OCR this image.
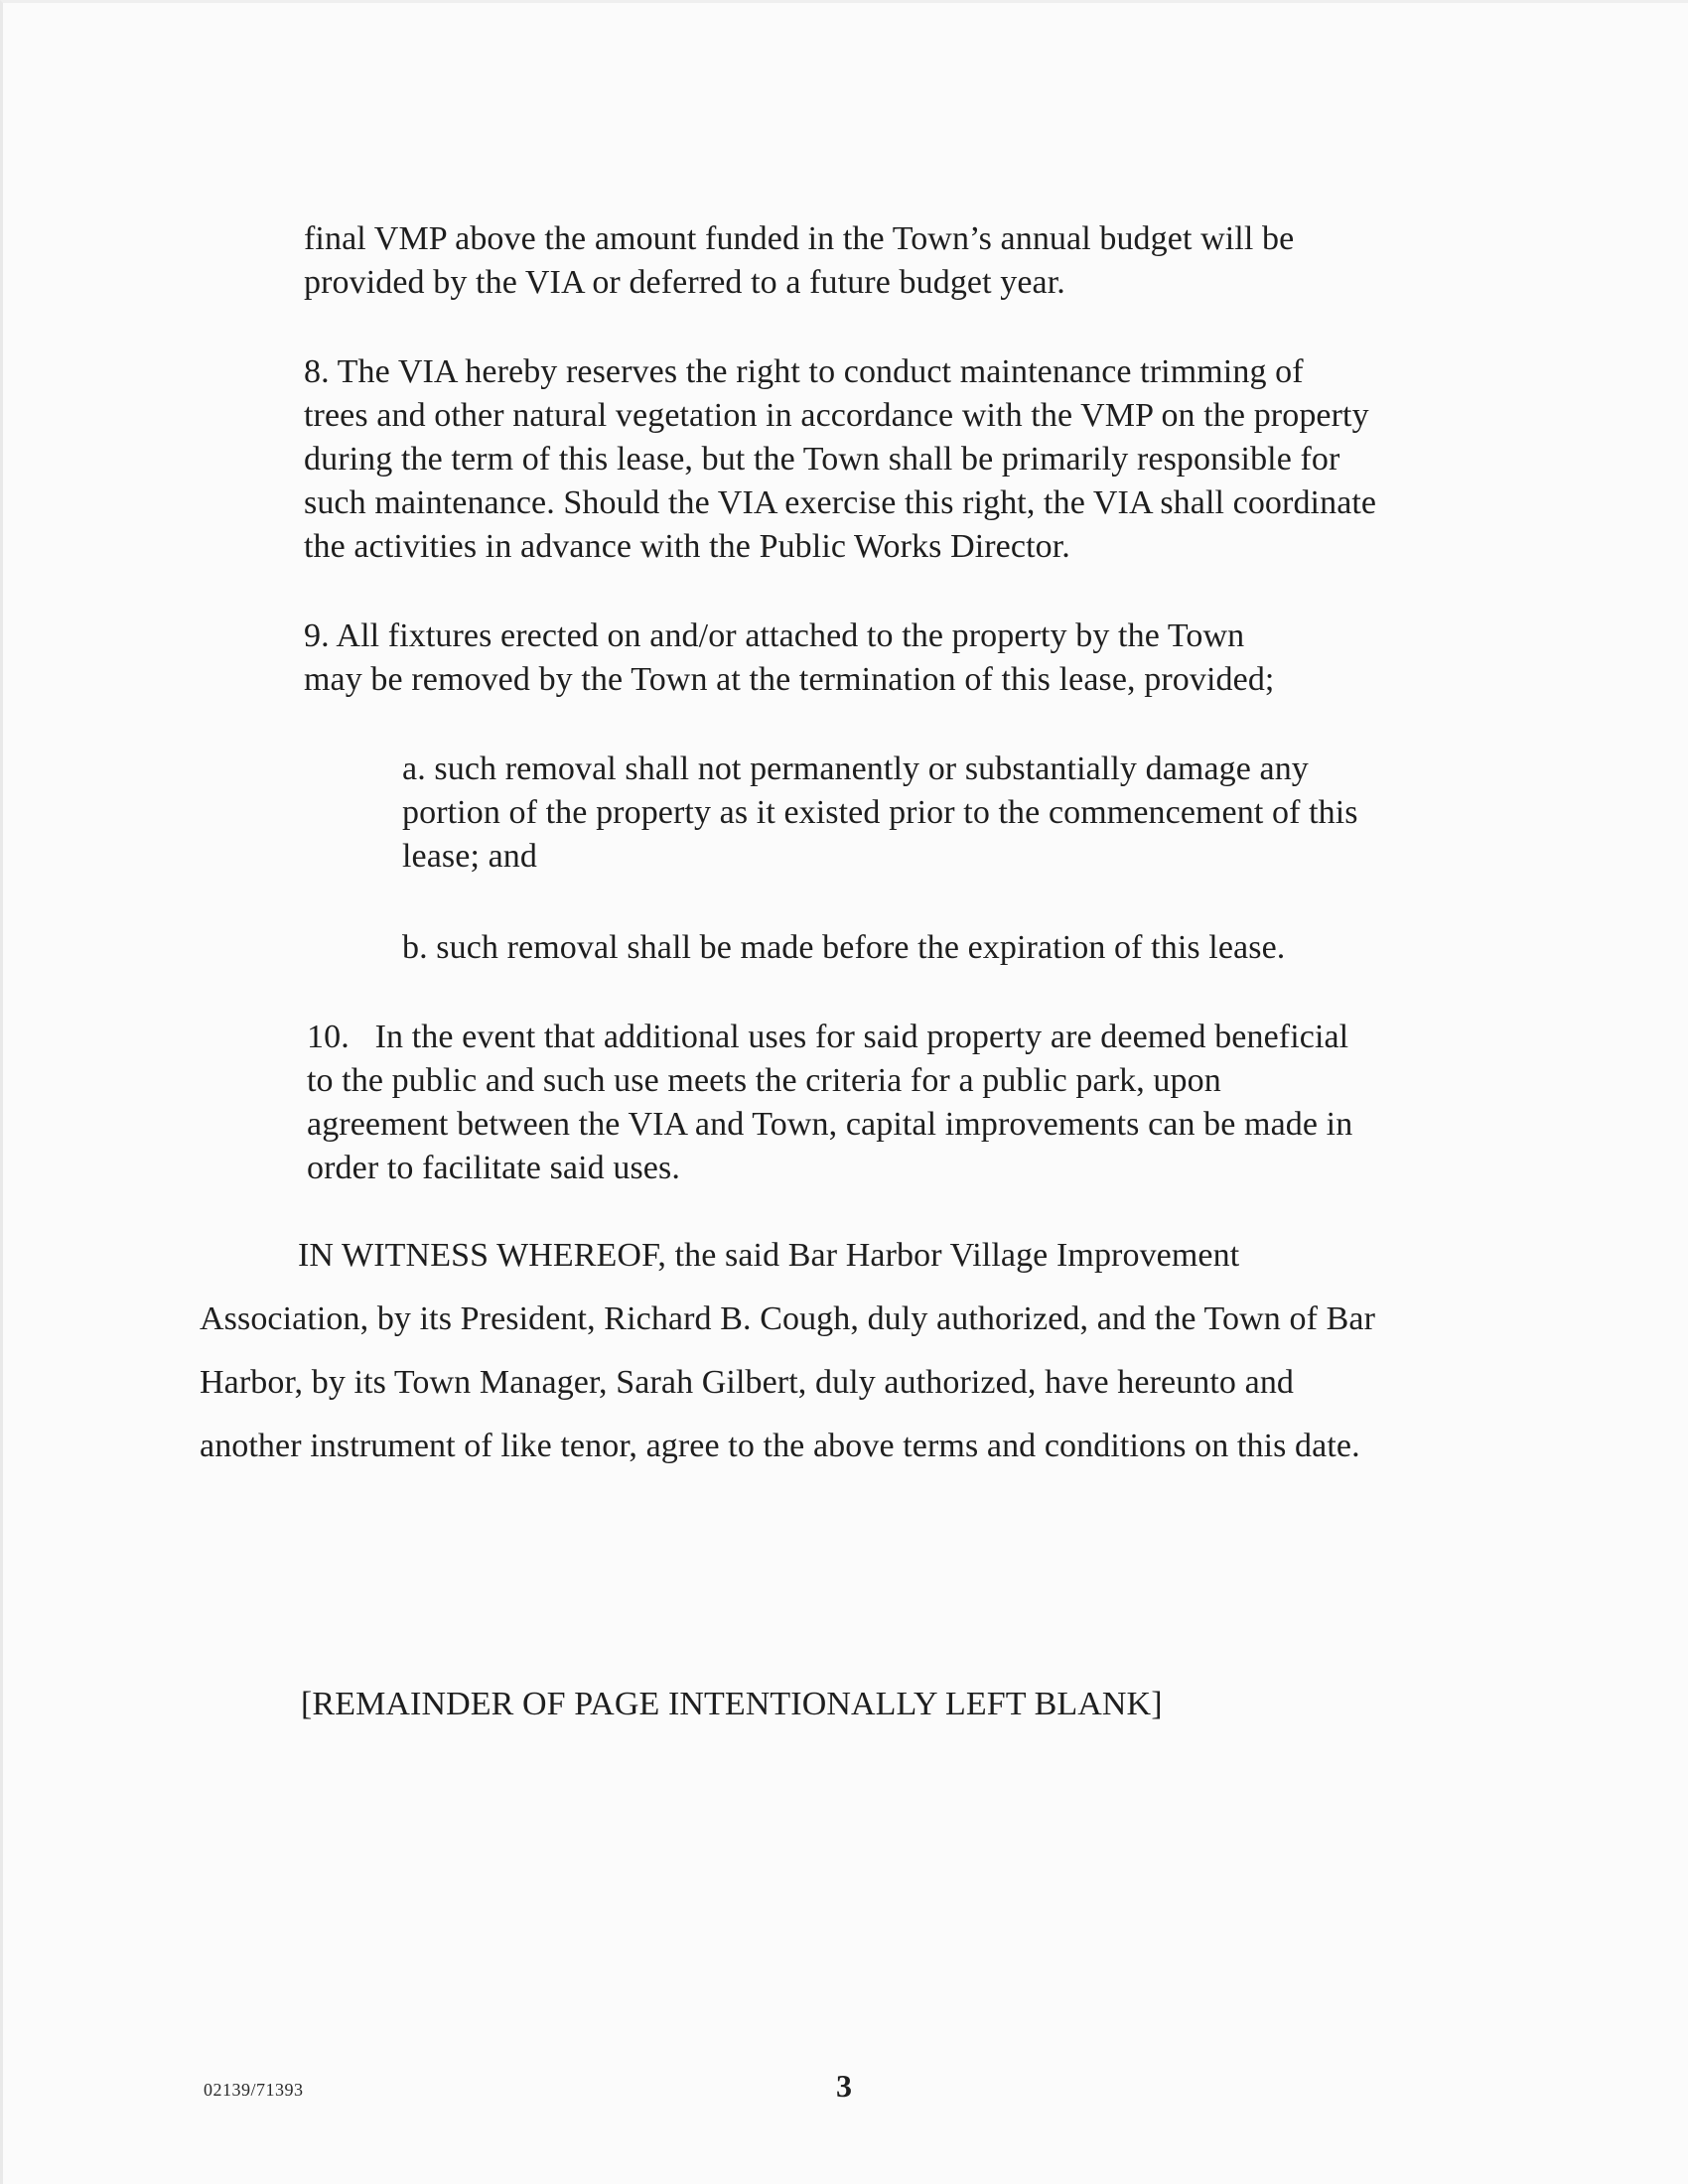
final VMP above the amount funded in the Town’s annual budget will be
provided by the VIA or deferred to a future budget year.
8. The VIA hereby reserves the right to conduct maintenance trimming of
trees and other natural vegetation in accordance with the VMP on the property
during the term of this lease, but the Town shall be primarily responsible for
such maintenance. Should the VIA exercise this right, the VIA shall coordinate
the activities in advance with the Public Works Director.
9. All fixtures erected on and/or attached to the property by the Town
may be removed by the Town at the termination of this lease, provided;
a. such removal shall not permanently or substantially damage any
portion of the property as it existed prior to the commencement of this
lease; and
b. such removal shall be made before the expiration of this lease.
10.   In the event that additional uses for said property are deemed beneficial
to the public and such use meets the criteria for a public park, upon
agreement between the VIA and Town, capital improvements can be made in
order to facilitate said uses.
IN WITNESS WHEREOF, the said Bar Harbor Village Improvement
Association, by its President, Richard B. Cough, duly authorized, and the Town of Bar
Harbor, by its Town Manager, Sarah Gilbert, duly authorized, have hereunto and
another instrument of like tenor, agree to the above terms and conditions on this date.
[REMAINDER OF PAGE INTENTIONALLY LEFT BLANK]
02139/71393	3
